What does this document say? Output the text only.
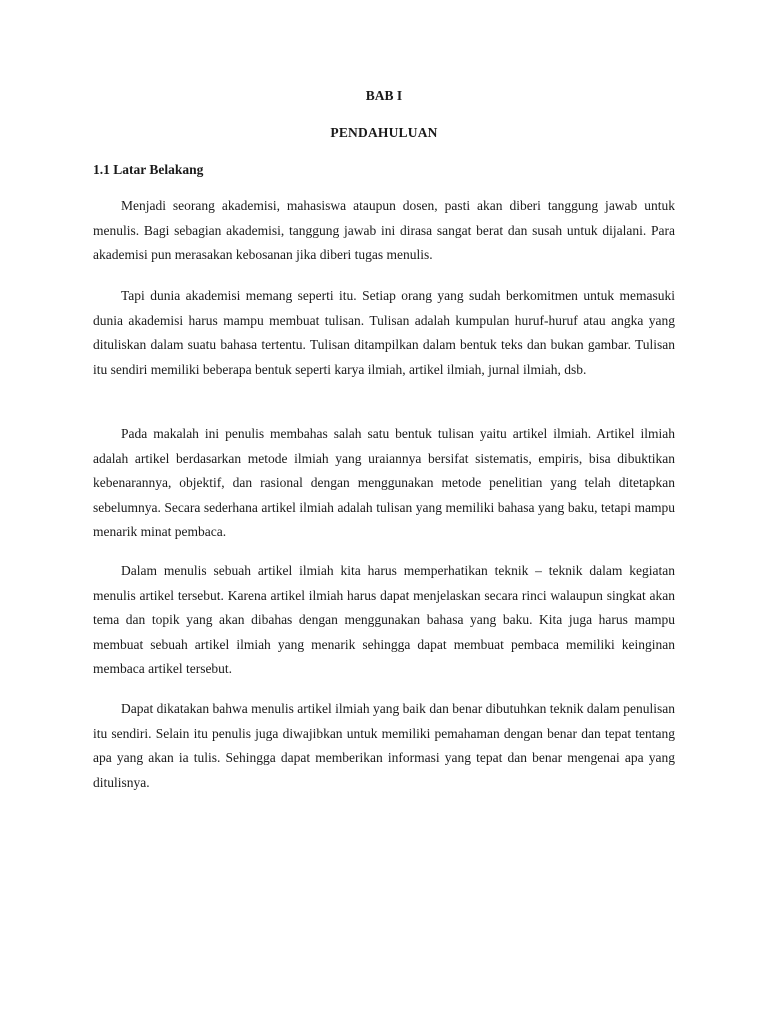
BAB I
PENDAHULUAN
1.1 Latar Belakang

Menjadi seorang akademisi, mahasiswa ataupun dosen, pasti akan diberi tanggung jawab untuk menulis. Bagi sebagian akademisi, tanggung jawab ini dirasa sangat berat dan susah untuk dijalani. Para akademisi pun merasakan kebosanan jika diberi tugas menulis.

Tapi dunia akademisi memang seperti itu. Setiap orang yang sudah berkomitmen untuk memasuki dunia akademisi harus mampu membuat tulisan. Tulisan adalah kumpulan huruf-huruf atau angka yang dituliskan dalam suatu bahasa tertentu. Tulisan ditampilkan dalam bentuk teks dan bukan gambar. Tulisan itu sendiri memiliki beberapa bentuk seperti karya ilmiah, artikel ilmiah, jurnal ilmiah, dsb.

Pada makalah ini penulis membahas salah satu bentuk tulisan yaitu artikel ilmiah. Artikel ilmiah adalah artikel berdasarkan metode ilmiah yang uraiannya bersifat sistematis, empiris, bisa dibuktikan kebenarannya, objektif, dan rasional dengan menggunakan metode penelitian yang telah ditetapkan sebelumnya. Secara sederhana artikel ilmiah adalah tulisan yang memiliki bahasa yang baku, tetapi mampu menarik minat pembaca.

Dalam menulis sebuah artikel ilmiah kita harus memperhatikan teknik – teknik dalam kegiatan menulis artikel tersebut. Karena artikel ilmiah harus dapat menjelaskan secara rinci walaupun singkat akan tema dan topik yang akan dibahas dengan menggunakan bahasa yang baku. Kita juga harus mampu membuat sebuah artikel ilmiah yang menarik sehingga dapat membuat pembaca memiliki keinginan membaca artikel tersebut.

Dapat dikatakan bahwa menulis artikel ilmiah yang baik dan benar dibutuhkan teknik dalam penulisan itu sendiri. Selain itu penulis juga diwajibkan untuk memiliki pemahaman dengan benar dan tepat tentang apa yang akan ia tulis. Sehingga dapat memberikan informasi yang tepat dan benar mengenai apa yang ditulisnya.
